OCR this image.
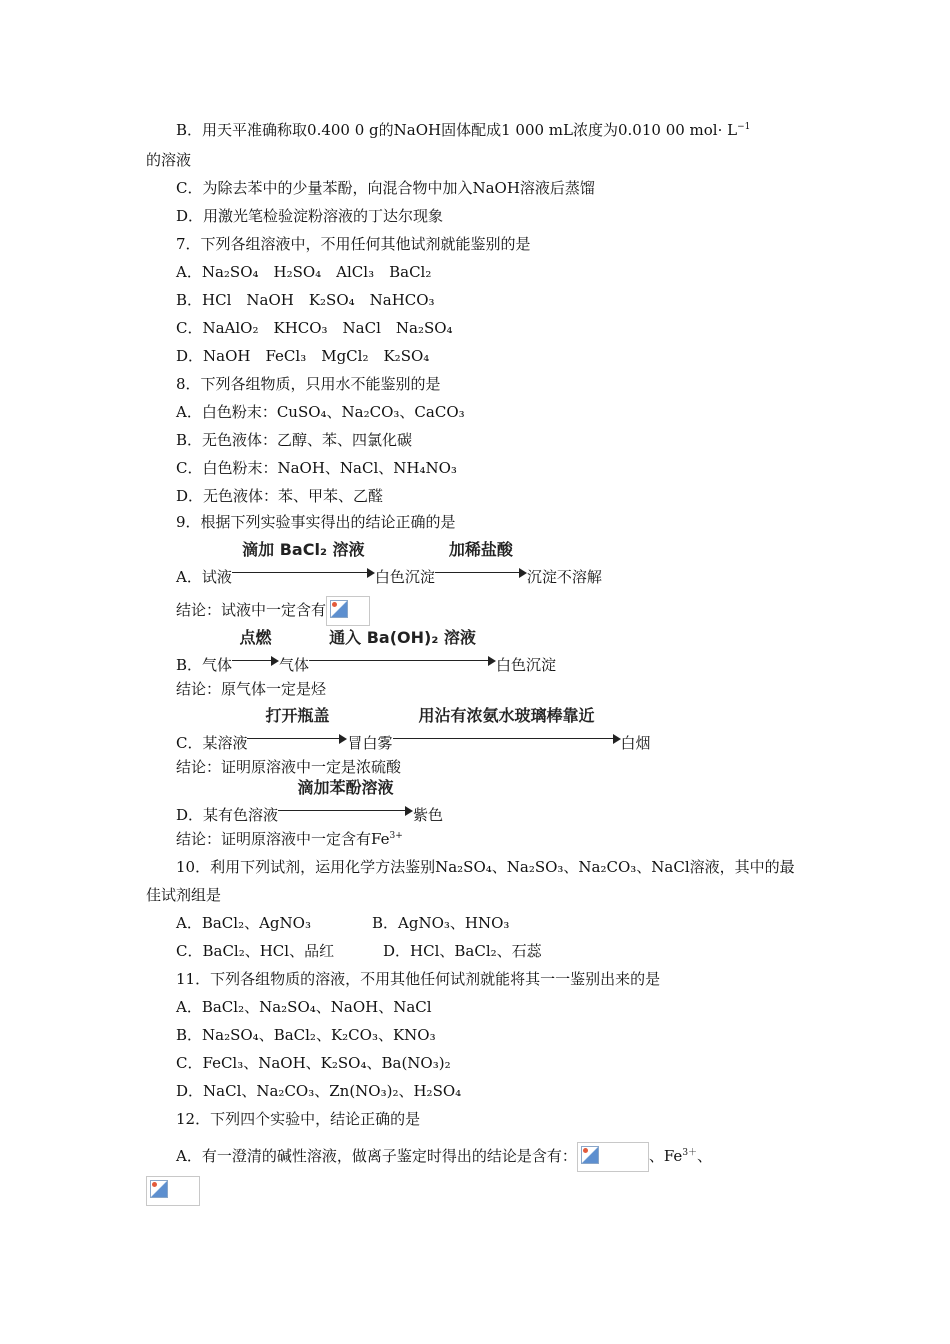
B．用天平准确称取0.400 0 g的NaOH固体配成1 000 mL浓度为0.010 00 $mol\cdot L^{-1}$
的溶液
C．为除去苯中的少量苯酚，向混合物中加入NaOH溶液后蒸馏
D．用激光笔检验淀粉溶液的丁达尔现象
7．下列各组溶液中，不用任何其他试剂就能鉴别的是
A．Na₂SO₄　H₂SO₄　AlCl₃　BaCl₂
B．HCl　NaOH　K₂SO₄　NaHCO₃
C．NaAlO₂　KHCO₃　NaCl　Na₂SO₄
D．NaOH　FeCl₃　MgCl₂　K₂SO₄
8．下列各组物质，只用水不能鉴别的是
A．白色粉末：CuSO₄、Na₂CO₃、CaCO₃
B．无色液体：乙醇、苯、四氯化碳
C．白色粉末：NaOH、NaCl、NH₄NO₃
D．无色液体：苯、甲苯、乙醛
9．根据下列实验事实得出的结论正确的是
A．试液
滴加 BaCl₂ 溶液
白色沉淀
加稀盐酸
沉淀不溶解
结论：试液中一定含有
B．气体
点燃
气体
通入 Ba(OH)₂ 溶液
白色沉淀
结论：原气体一定是烃
C．某溶液
打开瓶盖
冒白雾
用沾有浓氨水玻璃棒靠近
白烟
结论：证明原溶液中一定是浓硫酸
D．某有色溶液
滴加苯酚溶液
紫色
结论：证明原溶液中一定含有$Fe^{3+}$
10．利用下列试剂，运用化学方法鉴别Na₂SO₄、Na₂SO₃、Na₂CO₃、NaCl溶液，其中的最
佳试剂组是
A．BaCl₂、AgNO₃	B．AgNO₃、HNO₃
C．BaCl₂、HCl、品红	D．HCl、BaCl₂、石蕊
11．下列各组物质的溶液，不用其他任何试剂就能将其一一鉴别出来的是
A．BaCl₂、Na₂SO₄、NaOH、NaCl
B．Na₂SO₄、BaCl₂、K₂CO₃、KNO₃
C．FeCl₃、NaOH、K₂SO₄、Ba(NO₃)₂
D．NaCl、Na₂CO₃、Zn(NO₃)₂、H₂SO₄
12．下列四个实验中，结论正确的是
A．有一澄清的碱性溶液，做离子鉴定时得出的结论是含有：	、$Fe^{3+}$、
